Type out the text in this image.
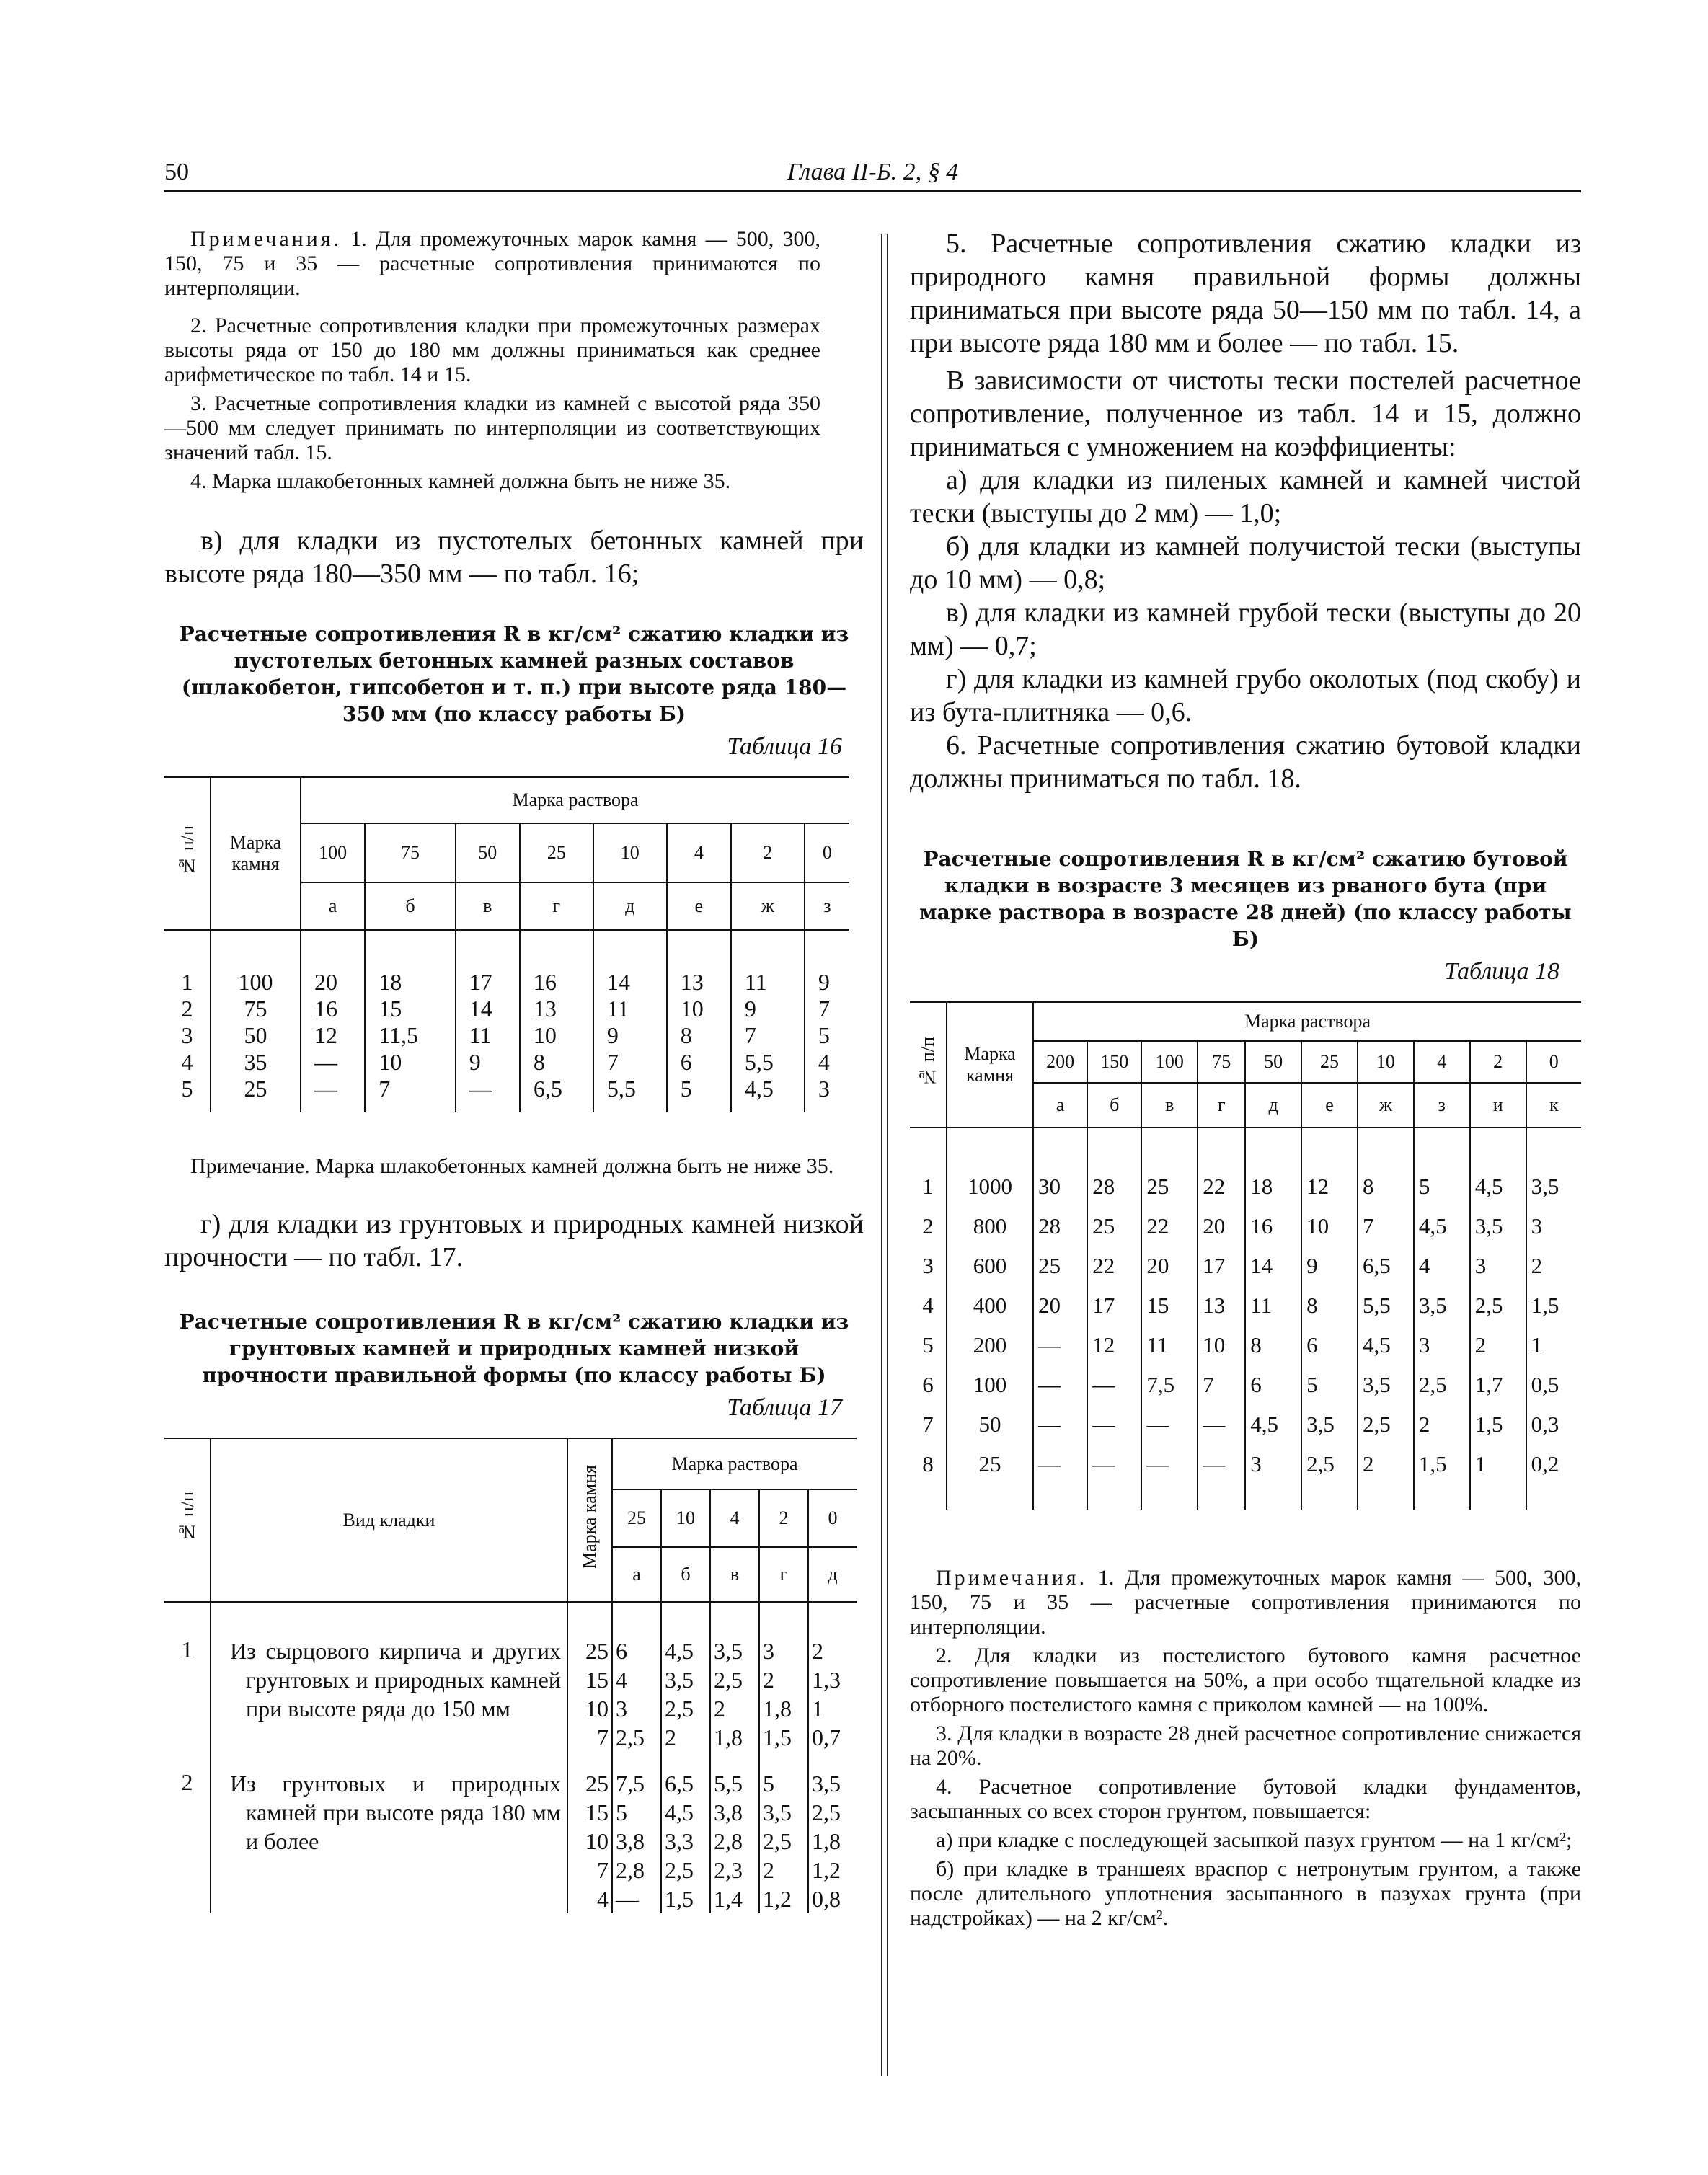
50	Глава II-Б. 2, § 4

Примечания. 1. Для промежуточных марок камня — 500, 300, 150, 75 и 35 — расчетные сопротивления принимаются по интерполяции.

2. Расчетные сопротивления кладки при промежуточных размерах высоты ряда от 150 до 180 мм должны приниматься как среднее арифметическое по табл. 14 и 15.

3. Расчетные сопротивления кладки из камней с высотой ряда 350—500 мм следует принимать по интерполяции из соответствующих значений табл. 15.

4. Марка шлакобетонных камней должна быть не ниже 35.

в) для кладки из пустотелых бетонных камней при высоте ряда 180—350 мм — по табл. 16;

Расчетные сопротивления R в кг/см² сжатию кладки из пустотелых бетонных камней разных составов (шлакобетон, гипсобетон и т. п.) при высоте ряда 180—350 мм (по классу работы Б)
Таблица 16
№ п/п	Марка камня	Марка раствора							
		100	75	50	25	10	4	2	0
		а	б	в	г	д	е	ж	з

1	100	20	18	17	16	14	13	11	9
2	75	16	15	14	13	11	10	9	7
3	50	12	11,5	11	10	9	8	7	5
4	35	—	10	9	8	7	6	5,5	4
5	25	—	7	—	6,5	5,5	5	4,5	3

Примечание. Марка шлакобетонных камней должна быть не ниже 35.

г) для кладки из грунтовых и природных камней низкой прочности — по табл. 17.

Расчетные сопротивления R в кг/см² сжатию кладки из грунтовых камней и природных камней низкой прочности правильной формы (по классу работы Б)
Таблица 17
№ п/п	Вид кладки	Марка камня	Марка раствора				
			25	10	4	2	0
			а	б	в	г	д

1	Из сырцового кирпича и других грунтовых и природных камней при высоте ряда до 150 мм	25	6	4,5	3,5	3	2
		15	4	3,5	2,5	2	1,3
		10	3	2,5	2	1,8	1
		7	2,5	2	1,8	1,5	0,7

2	Из грунтовых и природных камней при высоте ряда 180 мм и более	25	7,5	6,5	5,5	5	3,5
		15	5	4,5	3,8	3,5	2,5
		10	3,8	3,3	2,8	2,5	1,8
		7	2,8	2,5	2,3	2	1,2
		4	—	1,5	1,4	1,2	0,8

5. Расчетные сопротивления сжатию кладки из природного камня правильной формы должны приниматься при высоте ряда 50—150 мм по табл. 14, а при высоте ряда 180 мм и более — по табл. 15.

В зависимости от чистоты тески постелей расчетное сопротивление, полученное из табл. 14 и 15, должно приниматься с умножением на коэффициенты:

а) для кладки из пиленых камней и камней чистой тески (выступы до 2 мм) — 1,0;

б) для кладки из камней получистой тески (выступы до 10 мм) — 0,8;

в) для кладки из камней грубой тески (выступы до 20 мм) — 0,7;

г) для кладки из камней грубо околотых (под скобу) и из бута-плитняка — 0,6.

6. Расчетные сопротивления сжатию бутовой кладки должны приниматься по табл. 18.

Расчетные сопротивления R в кг/см² сжатию бутовой кладки в возрасте 3 месяцев из рваного бута (при марке раствора в возрасте 28 дней) (по классу работы Б)
Таблица 18
№ п/п	Марка камня	Марка раствора									
		200	150	100	75	50	25	10	4	2	0
		а	б	в	г	д	е	ж	з	и	к

1	1000	30	28	25	22	18	12	8	5	4,5	3,5
2	800	28	25	22	20	16	10	7	4,5	3,5	3
3	600	25	22	20	17	14	9	6,5	4	3	2
4	400	20	17	15	13	11	8	5,5	3,5	2,5	1,5
5	200	—	12	11	10	8	6	4,5	3	2	1
6	100	—	—	7,5	7	6	5	3,5	2,5	1,7	0,5
7	50	—	—	—	—	4,5	3,5	2,5	2	1,5	0,3
8	25	—	—	—	—	3	2,5	2	1,5	1	0,2

Примечания. 1. Для промежуточных марок камня — 500, 300, 150, 75 и 35 — расчетные сопротивления принимаются по интерполяции.

2. Для кладки из постелистого бутового камня расчетное сопротивление повышается на 50%, а при особо тщательной кладке из отборного постелистого камня с приколом камней — на 100%.

3. Для кладки в возрасте 28 дней расчетное сопротивление снижается на 20%.

4. Расчетное сопротивление бутовой кладки фундаментов, засыпанных со всех сторон грунтом, повышается:

а) при кладке с последующей засыпкой пазух грунтом — на 1 кг/см²;

б) при кладке в траншеях враспор с нетронутым грунтом, а также после длительного уплотнения засыпанного в пазухах грунта (при надстройках) — на 2 кг/см².
